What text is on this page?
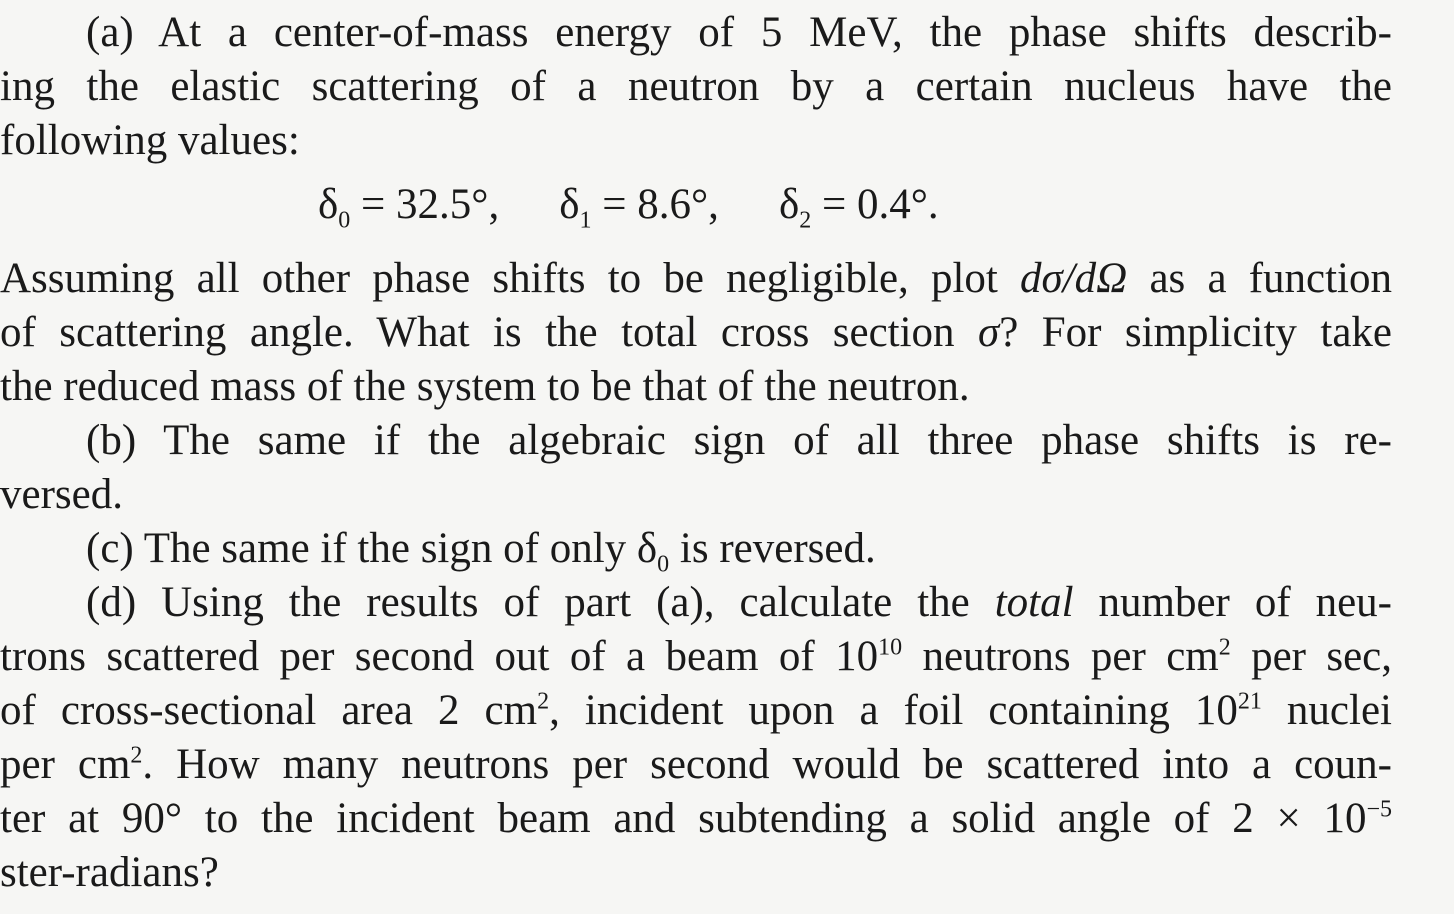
(a) At a center-of-mass energy of 5 MeV, the phase shifts describ-

ing the elastic scattering of a neutron by a certain nucleus have the

following values:

$\delta_0 = 32.5^\circ$, $\delta_1 = 8.6^\circ$, $\delta_2 = 0.4^\circ$.

Assuming all other phase shifts to be negligible, plot dσ/dΩ as a function

of scattering angle. What is the total cross section σ? For simplicity take

the reduced mass of the system to be that of the neutron.

(b) The same if the algebraic sign of all three phase shifts is re-

versed.

(c) The same if the sign of only $\delta_0$ is reversed.

(d) Using the results of part (a), calculate the total number of neu-

trons scattered per second out of a beam of $10^{10}$ neutrons per $cm^2$ per sec,

of cross-sectional area 2 $cm^2$, incident upon a foil containing $10^{21}$ nuclei

per $cm^2$. How many neutrons per second would be scattered into a coun-

ter at 90° to the incident beam and subtending a solid angle of $2 \times 10^{-5}$

ster-radians?
